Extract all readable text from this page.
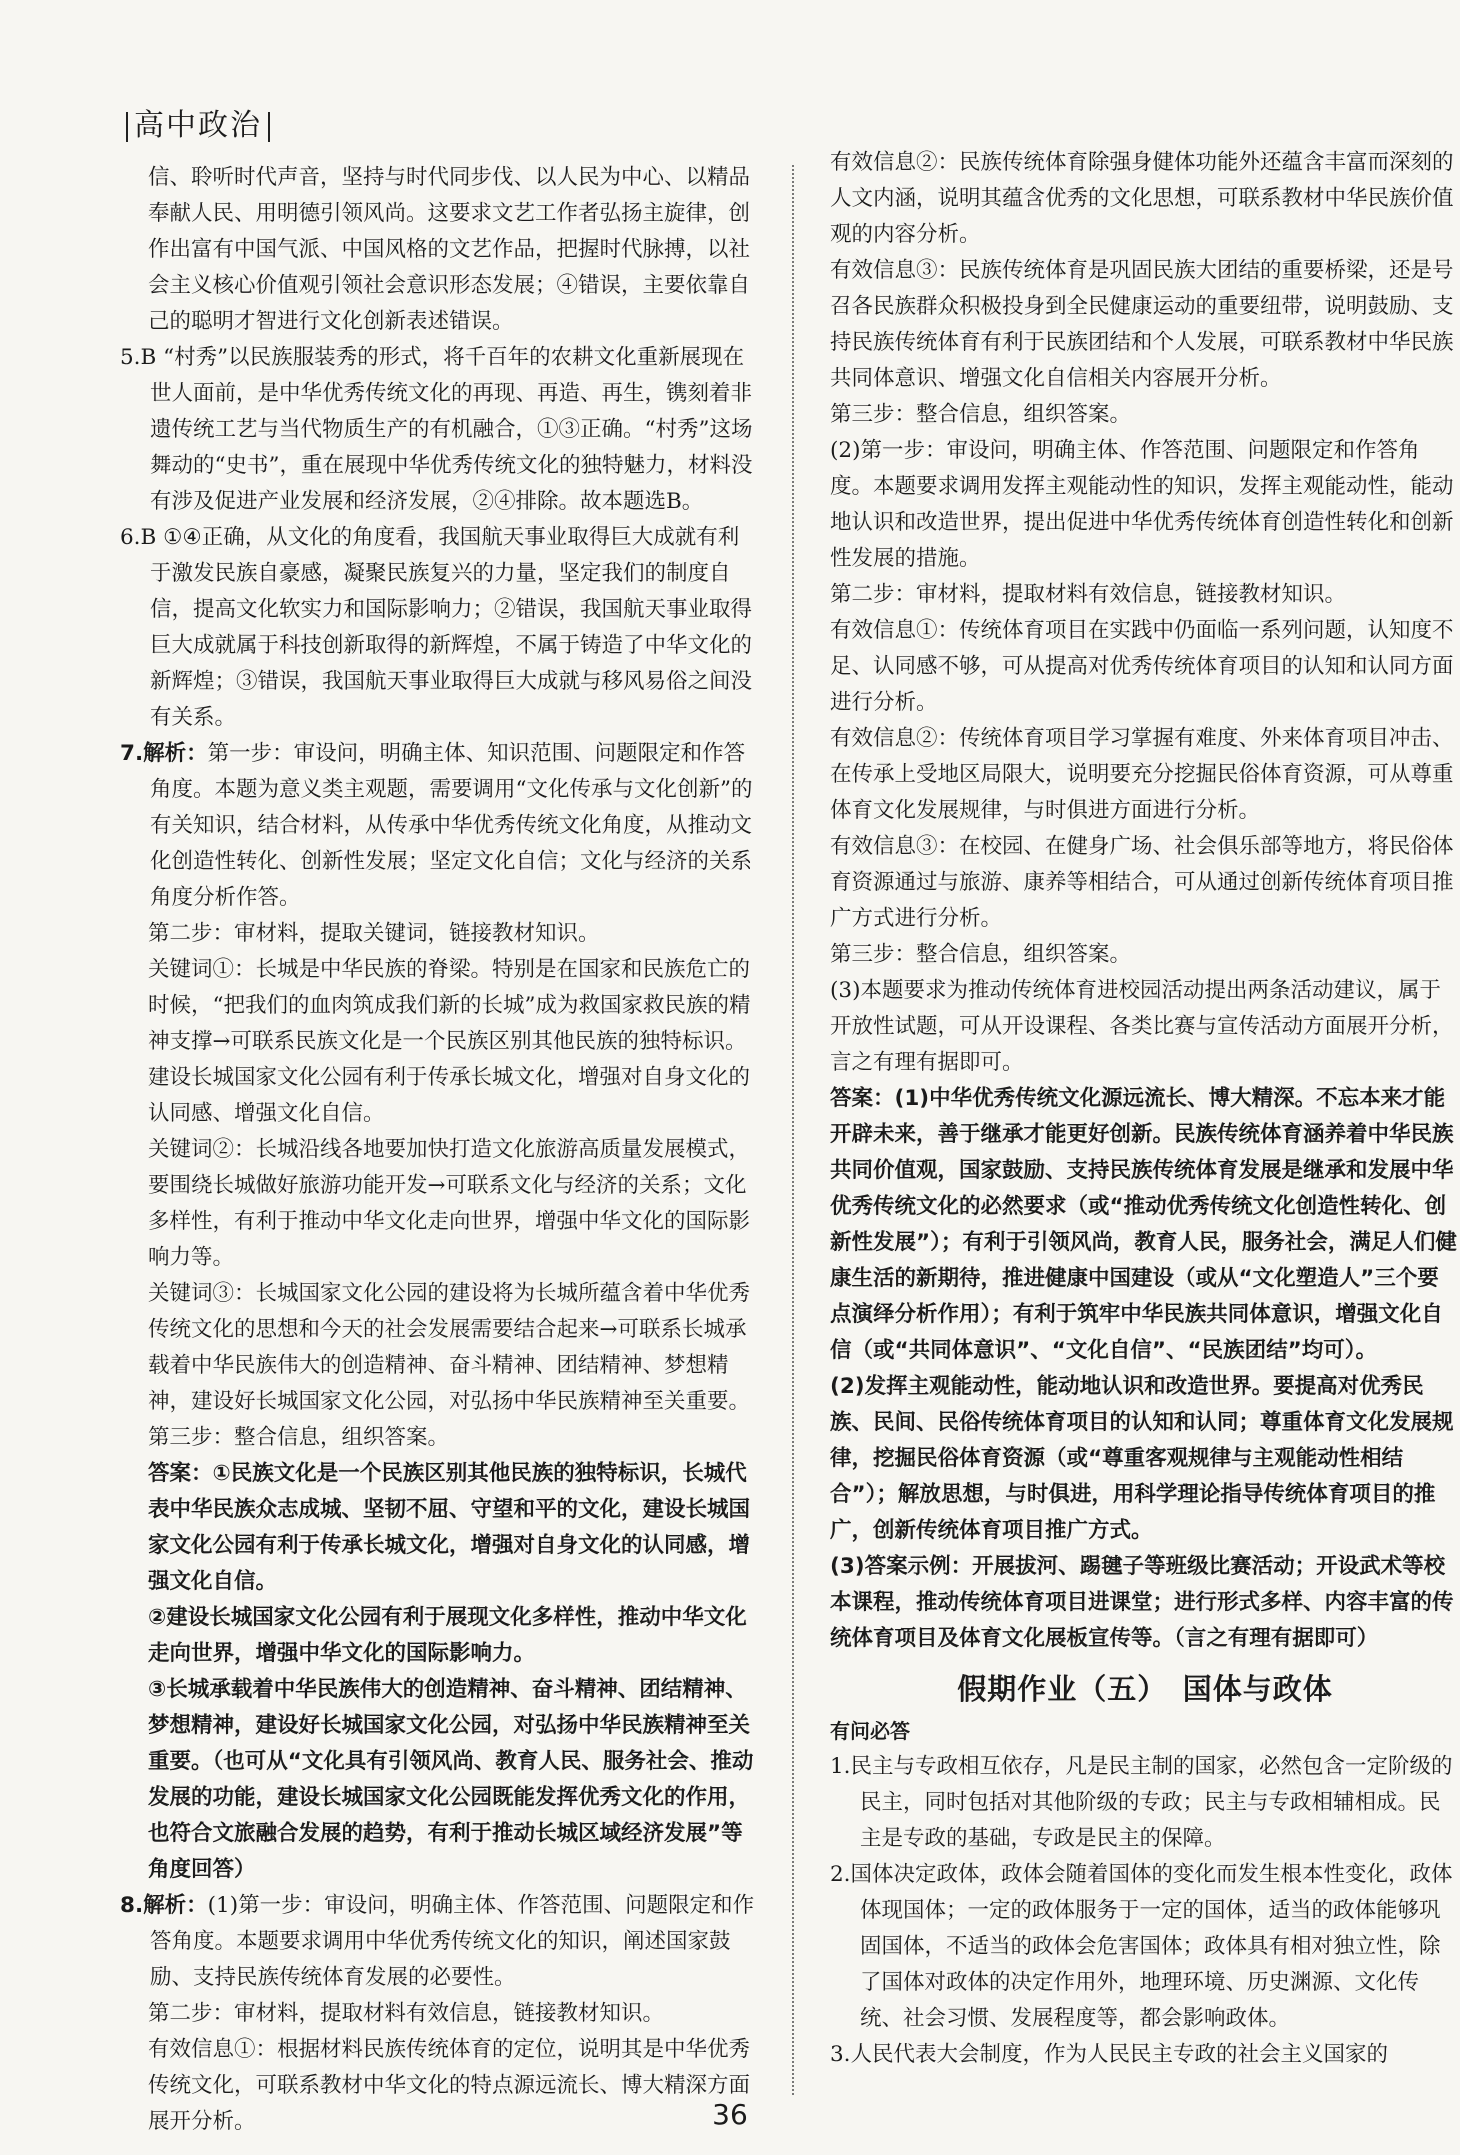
高中政治

信、聆听时代声音，坚持与时代同步伐、以人民为中心、以精品奉献人民、用明德引领风尚。这要求文艺工作者弘扬主旋律，创作出富有中国气派、中国风格的文艺作品，把握时代脉搏，以社会主义核心价值观引领社会意识形态发展；④错误，主要依靠自己的聪明才智进行文化创新表述错误。

5.B “村秀”以民族服装秀的形式，将千百年的农耕文化重新展现在世人面前，是中华优秀传统文化的再现、再造、再生，镌刻着非遗传统工艺与当代物质生产的有机融合，①③正确。“村秀”这场舞动的“史书”，重在展现中华优秀传统文化的独特魅力，材料没有涉及促进产业发展和经济发展，②④排除。故本题选B。

6.B ①④正确，从文化的角度看，我国航天事业取得巨大成就有利于激发民族自豪感，凝聚民族复兴的力量，坚定我们的制度自信，提高文化软实力和国际影响力；②错误，我国航天事业取得巨大成就属于科技创新取得的新辉煌，不属于铸造了中华文化的新辉煌；③错误，我国航天事业取得巨大成就与移风易俗之间没有关系。

7.解析：第一步：审设问，明确主体、知识范围、问题限定和作答角度。本题为意义类主观题，需要调用“文化传承与文化创新”的有关知识，结合材料，从传承中华优秀传统文化角度，从推动文化创造性转化、创新性发展；坚定文化自信；文化与经济的关系角度分析作答。

第二步：审材料，提取关键词，链接教材知识。

关键词①：长城是中华民族的脊梁。特别是在国家和民族危亡的时候，“把我们的血肉筑成我们新的长城”成为救国家救民族的精神支撑→可联系民族文化是一个民族区别其他民族的独特标识。建设长城国家文化公园有利于传承长城文化，增强对自身文化的认同感、增强文化自信。

关键词②：长城沿线各地要加快打造文化旅游高质量发展模式，要围绕长城做好旅游功能开发→可联系文化与经济的关系；文化多样性，有利于推动中华文化走向世界，增强中华文化的国际影响力等。

关键词③：长城国家文化公园的建设将为长城所蕴含着中华优秀传统文化的思想和今天的社会发展需要结合起来→可联系长城承载着中华民族伟大的创造精神、奋斗精神、团结精神、梦想精神，建设好长城国家文化公园，对弘扬中华民族精神至关重要。

第三步：整合信息，组织答案。

答案：①民族文化是一个民族区别其他民族的独特标识，长城代表中华民族众志成城、坚韧不屈、守望和平的文化，建设长城国家文化公园有利于传承长城文化，增强对自身文化的认同感，增强文化自信。

②建设长城国家文化公园有利于展现文化多样性，推动中华文化走向世界，增强中华文化的国际影响力。

③长城承载着中华民族伟大的创造精神、奋斗精神、团结精神、梦想精神，建设好长城国家文化公园，对弘扬中华民族精神至关重要。（也可从“文化具有引领风尚、教育人民、服务社会、推动发展的功能，建设长城国家文化公园既能发挥优秀文化的作用，也符合文旅融合发展的趋势，有利于推动长城区域经济发展”等角度回答）

8.解析：(1)第一步：审设问，明确主体、作答范围、问题限定和作答角度。本题要求调用中华优秀传统文化的知识，阐述国家鼓励、支持民族传统体育发展的必要性。

第二步：审材料，提取材料有效信息，链接教材知识。

有效信息①：根据材料民族传统体育的定位，说明其是中华优秀传统文化，可联系教材中华文化的特点源远流长、博大精深方面展开分析。

有效信息②：民族传统体育除强身健体功能外还蕴含丰富而深刻的人文内涵，说明其蕴含优秀的文化思想，可联系教材中华民族价值观的内容分析。

有效信息③：民族传统体育是巩固民族大团结的重要桥梁，还是号召各民族群众积极投身到全民健康运动的重要纽带，说明鼓励、支持民族传统体育有利于民族团结和个人发展，可联系教材中华民族共同体意识、增强文化自信相关内容展开分析。

第三步：整合信息，组织答案。

(2)第一步：审设问，明确主体、作答范围、问题限定和作答角度。本题要求调用发挥主观能动性的知识，发挥主观能动性，能动地认识和改造世界，提出促进中华优秀传统体育创造性转化和创新性发展的措施。

第二步：审材料，提取材料有效信息，链接教材知识。

有效信息①：传统体育项目在实践中仍面临一系列问题，认知度不足、认同感不够，可从提高对优秀传统体育项目的认知和认同方面进行分析。

有效信息②：传统体育项目学习掌握有难度、外来体育项目冲击、在传承上受地区局限大，说明要充分挖掘民俗体育资源，可从尊重体育文化发展规律，与时俱进方面进行分析。

有效信息③：在校园、在健身广场、社会俱乐部等地方，将民俗体育资源通过与旅游、康养等相结合，可从通过创新传统体育项目推广方式进行分析。

第三步：整合信息，组织答案。

(3)本题要求为推动传统体育进校园活动提出两条活动建议，属于开放性试题，可从开设课程、各类比赛与宣传活动方面展开分析，言之有理有据即可。

答案：(1)中华优秀传统文化源远流长、博大精深。不忘本来才能开辟未来，善于继承才能更好创新。民族传统体育涵养着中华民族共同价值观，国家鼓励、支持民族传统体育发展是继承和发展中华优秀传统文化的必然要求（或“推动优秀传统文化创造性转化、创新性发展”）；有利于引领风尚，教育人民，服务社会，满足人们健康生活的新期待，推进健康中国建设（或从“文化塑造人”三个要点演绎分析作用）；有利于筑牢中华民族共同体意识，增强文化自信（或“共同体意识”、“文化自信”、“民族团结”均可）。

(2)发挥主观能动性，能动地认识和改造世界。要提高对优秀民族、民间、民俗传统体育项目的认知和认同；尊重体育文化发展规律，挖掘民俗体育资源（或“尊重客观规律与主观能动性相结合”）；解放思想，与时俱进，用科学理论指导传统体育项目的推广，创新传统体育项目推广方式。

(3)答案示例：开展拔河、踢毽子等班级比赛活动；开设武术等校本课程，推动传统体育项目进课堂；进行形式多样、内容丰富的传统体育项目及体育文化展板宣传等。（言之有理有据即可）

假期作业（五）　国体与政体
有问必答

1.民主与专政相互依存，凡是民主制的国家，必然包含一定阶级的民主，同时包括对其他阶级的专政；民主与专政相辅相成。民主是专政的基础，专政是民主的保障。

2.国体决定政体，政体会随着国体的变化而发生根本性变化，政体体现国体；一定的政体服务于一定的国体，适当的政体能够巩固国体，不适当的政体会危害国体；政体具有相对独立性，除了国体对政体的决定作用外，地理环境、历史渊源、文化传统、社会习惯、发展程度等，都会影响政体。

3.人民代表大会制度，作为人民民主专政的社会主义国家的

36
